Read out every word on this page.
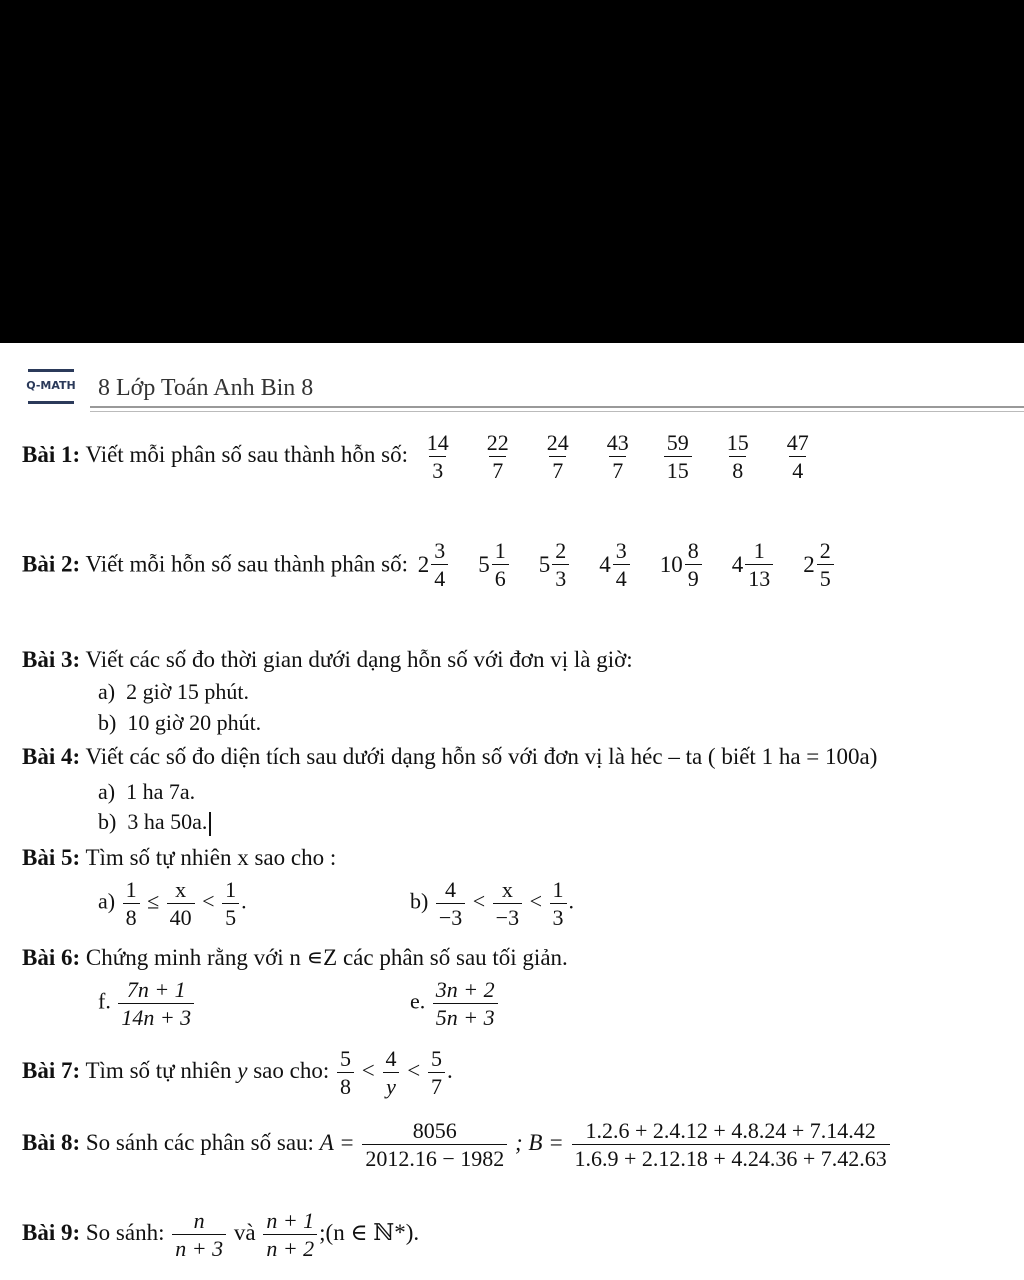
Q-MATH 8 Lớp Toán Anh Bin 8
Bài 1: Viết mỗi phân số sau thành hỗn số: $\frac{14}{3} \frac{22}{7} \frac{24}{7} \frac{43}{7} \frac{59}{15} \frac{15}{8} \frac{47}{4}$
Bài 2: Viết mỗi hỗn số sau thành phân số: $2 \frac{3}{4} 5 \frac{1}{6} 5 \frac{2}{3} 4 \frac{3}{4} 10 \frac{8}{9} 4 \frac{1}{13} 2 \frac{2}{5}$
Bài 3: Viết các số đo thời gian dưới dạng hỗn số với đơn vị là giờ:
a) 2 giờ 15 phút.
b) 10 giờ 20 phút.
Bài 4: Viết các số đo diện tích sau dưới dạng hỗn số với đơn vị là héc – ta ( biết 1 ha = 100a)
a) 1 ha 7a.
b) 3 ha 50a.
Bài 5: Tìm số tự nhiên x sao cho :
$a) \frac{1}{8} \le \frac{x}{40} < \frac{1}{5}$ .	$b) \frac{4}{-3} < \frac{x}{-3} < \frac{1}{3}$ .
Bài 6: Chứng minh rằng với n ∊Z các phân số sau tối giản.
f. $\frac{7n + 1}{14n + 3}$	e. $\frac{3n + 2}{5n + 3}$
Bài 7: Tìm số tự nhiên y sao cho: $\frac{5}{8} < \frac{4}{y} < \frac{5}{7}$ .
Bài 8: So sánh các phân số sau: $A = \frac{8056}{2012.16 - 1982}$ ; $B = \frac{1.2.6 + 2.4.12 + 4.8.24 + 7.14.42}{1.6.9 + 2.12.18 + 4.24.36 + 7.42.63}$
Bài 9: So sánh: $\frac{n}{n + 3}$ và $\frac{n + 1}{n + 2}$ ;(n ∈ ℕ*).
